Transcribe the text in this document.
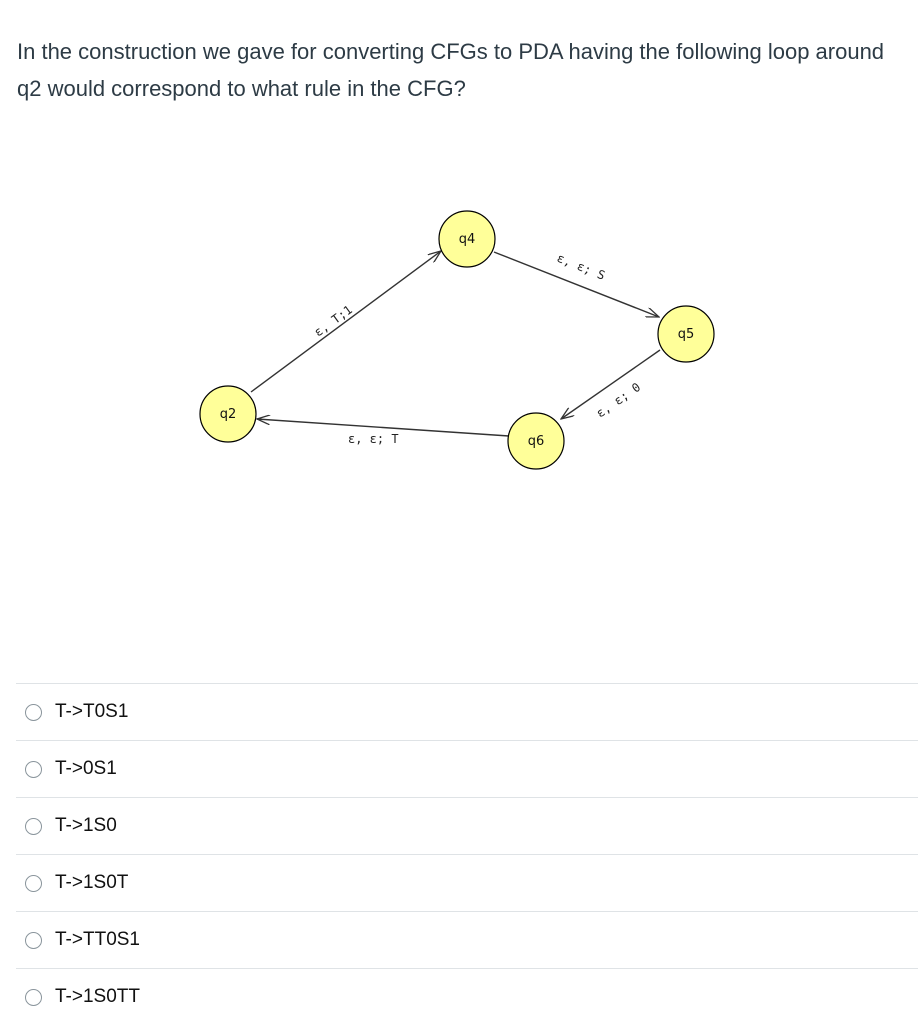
In the construction we gave for converting CFGs to PDA having the following loop around q2 would correspond to what rule in the CFG?

ε, T;1
ε, ε; S
ε, ε; 0
ε, ε; T
q4
q5
q2
q6
T->T0S1
T->0S1
T->1S0
T->1S0T
T->TT0S1
T->1S0TT
